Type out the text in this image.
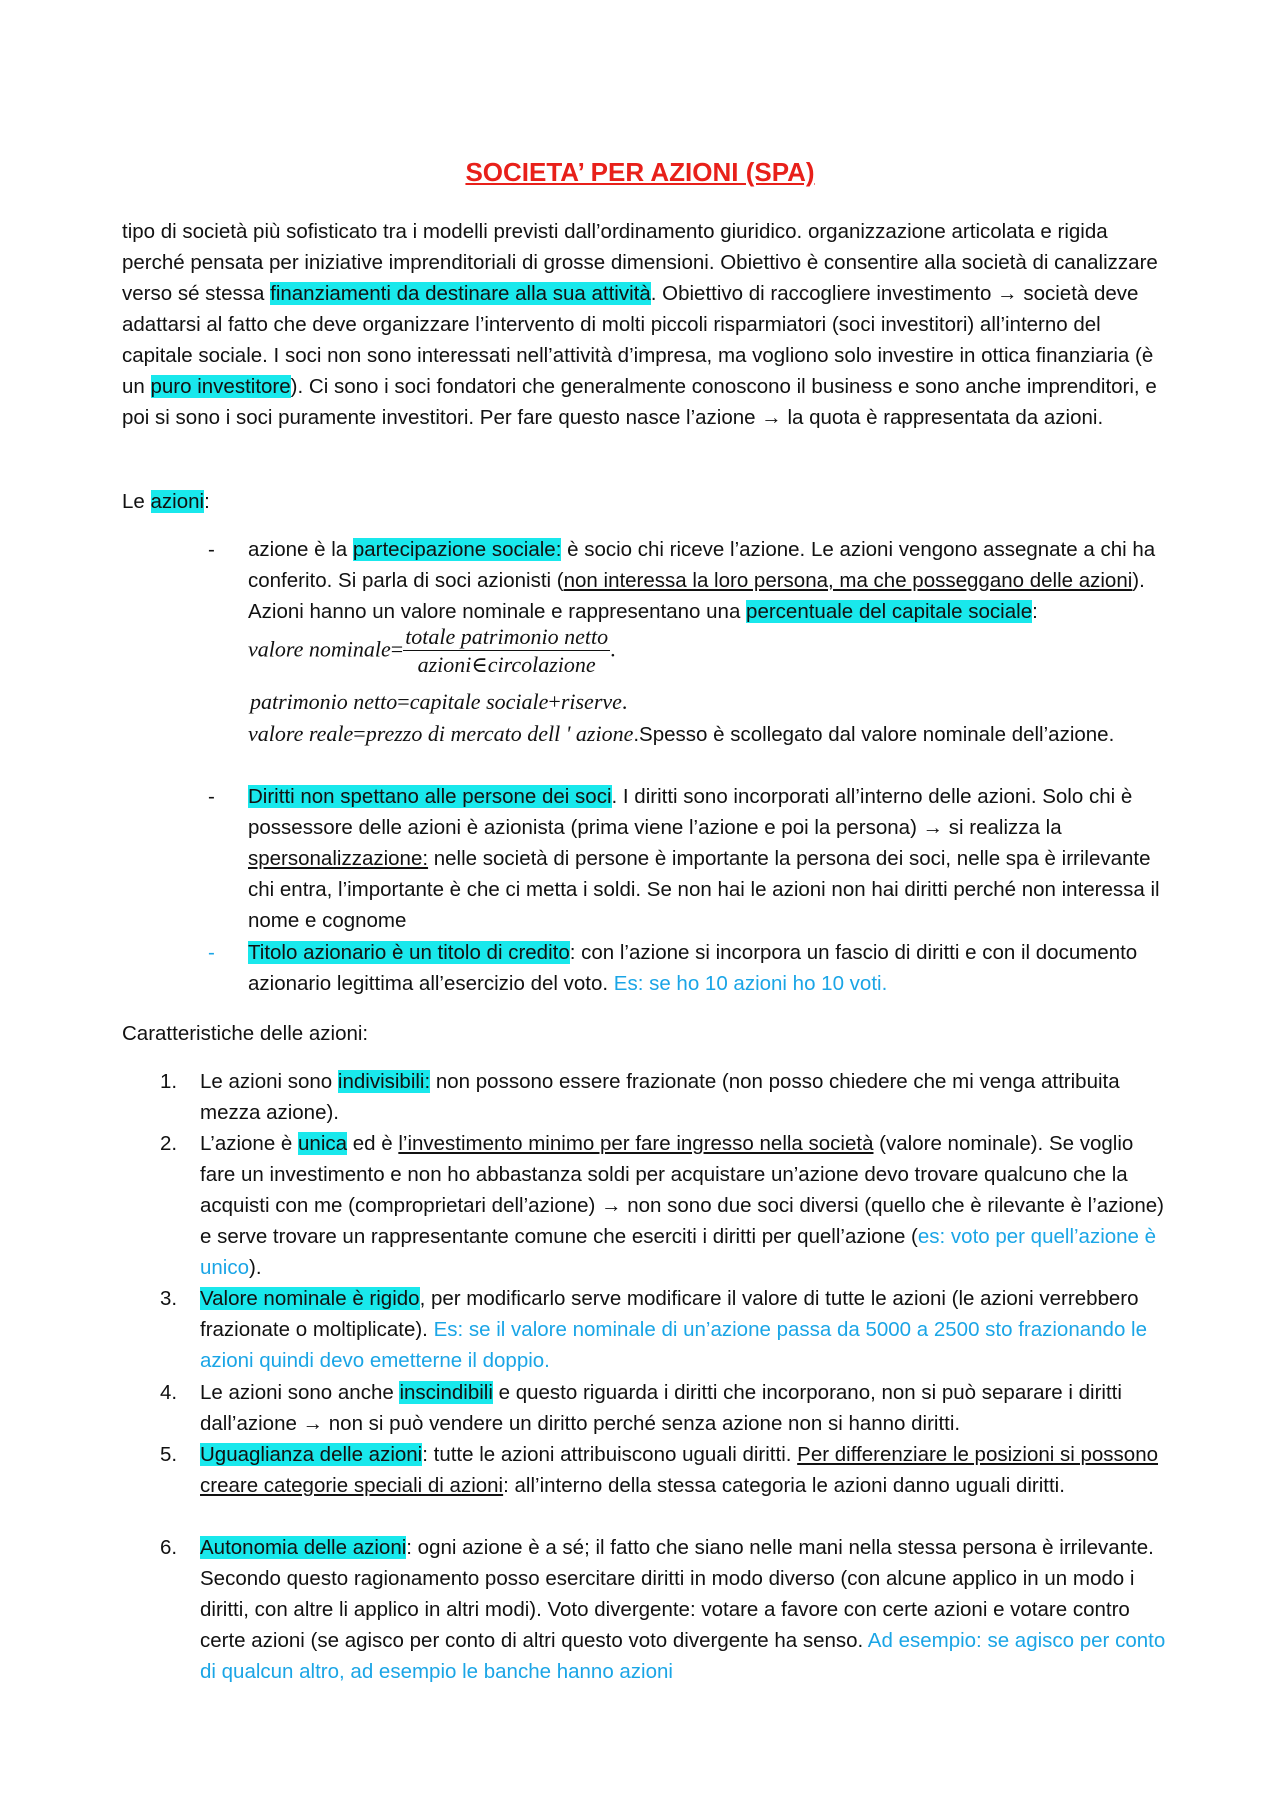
SOCIETA’ PER AZIONI (SPA)
tipo di società più sofisticato tra i modelli previsti dall’ordinamento giuridico. organizzazione articolata e rigida perché pensata per iniziative imprenditoriali di grosse dimensioni. Obiettivo è consentire alla società di canalizzare verso sé stessa finanziamenti da destinare alla sua attività. Obiettivo di raccogliere investimento → società deve adattarsi al fatto che deve organizzare l’intervento di molti piccoli risparmiatori (soci investitori) all’interno del capitale sociale. I soci non sono interessati nell’attività d’impresa, ma vogliono solo investire in ottica finanziaria (è un puro investitore). Ci sono i soci fondatori che generalmente conoscono il business e sono anche imprenditori, e poi si sono i soci puramente investitori. Per fare questo nasce l’azione → la quota è rappresentata da azioni.
Le azioni:
-	azione è la partecipazione sociale: è socio chi riceve l’azione. Le azioni vengono assegnate a chi ha conferito. Si parla di soci azionisti (non interessa la loro persona, ma che posseggano delle azioni). Azioni hanno un valore nominale e rappresentano una percentuale del capitale sociale:
valore nominale= $\frac{\text{totale patrimonio netto}}{\text{azioni∈circolazione}}$ .
patrimonio netto=capitale sociale+riserve.
valore reale=prezzo di mercato dell ' azione.Spesso è scollegato dal valore nominale dell’azione.
-	Diritti non spettano alle persone dei soci. I diritti sono incorporati all’interno delle azioni. Solo chi è possessore delle azioni è azionista (prima viene l’azione e poi la persona) → si realizza la spersonalizzazione: nelle società di persone è importante la persona dei soci, nelle spa è irrilevante chi entra, l’importante è che ci metta i soldi. Se non hai le azioni non hai diritti perché non interessa il nome e cognome
-	Titolo azionario è un titolo di credito: con l’azione si incorpora un fascio di diritti e con il documento azionario legittima all’esercizio del voto. Es: se ho 10 azioni ho 10 voti.
Caratteristiche delle azioni:
1.	Le azioni sono indivisibili: non possono essere frazionate (non posso chiedere che mi venga attribuita mezza azione).
2.	L’azione è unica ed è l’investimento minimo per fare ingresso nella società (valore nominale). Se voglio fare un investimento e non ho abbastanza soldi per acquistare un’azione devo trovare qualcuno che la acquisti con me (comproprietari dell’azione) → non sono due soci diversi (quello che è rilevante è l’azione) e serve trovare un rappresentante comune che eserciti i diritti per quell’azione (es: voto per quell’azione è unico).
3.	Valore nominale è rigido, per modificarlo serve modificare il valore di tutte le azioni (le azioni verrebbero frazionate o moltiplicate). Es: se il valore nominale di un’azione passa da 5000 a 2500 sto frazionando le azioni quindi devo emetterne il doppio.
4.	Le azioni sono anche inscindibili e questo riguarda i diritti che incorporano, non si può separare i diritti dall’azione → non si può vendere un diritto perché senza azione non si hanno diritti.
5.	Uguaglianza delle azioni: tutte le azioni attribuiscono uguali diritti. Per differenziare le posizioni si possono creare categorie speciali di azioni: all’interno della stessa categoria le azioni danno uguali diritti.
6.	Autonomia delle azioni: ogni azione è a sé; il fatto che siano nelle mani nella stessa persona è irrilevante. Secondo questo ragionamento posso esercitare diritti in modo diverso (con alcune applico in un modo i diritti, con altre li applico in altri modi). Voto divergente: votare a favore con certe azioni e votare contro certe azioni (se agisco per conto di altri questo voto divergente ha senso. Ad esempio: se agisco per conto di qualcun altro, ad esempio le banche hanno azioni
